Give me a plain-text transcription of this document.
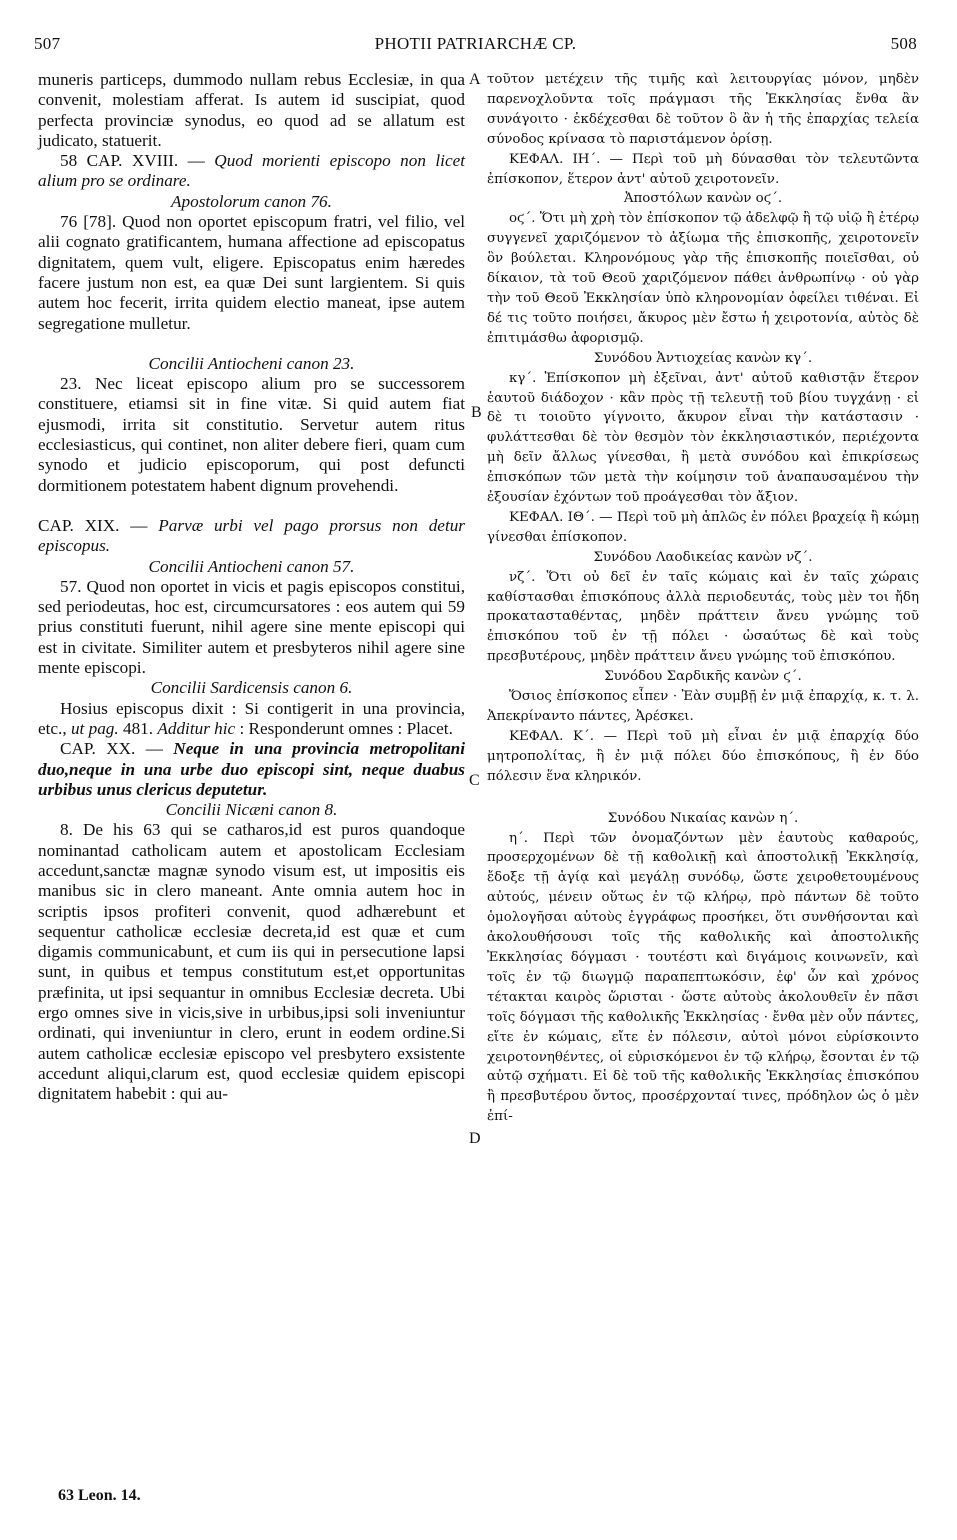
507	PHOTII PATRIARCHÆ CP.	508
A
B
C
D

muneris particeps, dummodo nullam rebus Ecclesiæ, in qua convenit, molestiam afferat. Is autem id suscipiat, quod perfecta provinciæ synodus, eo quod ad se allatum est judicato, statuerit.

58 CAP. XVIII. — Quod morienti episcopo non licet alium pro se ordinare.

Apostolorum canon 76.

76 [78]. Quod non oportet episcopum fratri, vel filio, vel alii cognato gratificantem, humana affectione ad episcopatus dignitatem, quem vult, eligere. Episcopatus enim hæredes facere justum non est, ea quæ Dei sunt largientem. Si quis autem hoc fecerit, irrita quidem electio maneat, ipse autem segregatione mulletur.

Concilii Antiocheni canon 23.

23. Nec liceat episcopo alium pro se successorem constituere, etiamsi sit in fine vitæ. Si quid autem fiat ejusmodi, irrita sit constitutio. Servetur autem ritus ecclesiasticus, qui continet, non aliter debere fieri, quam cum synodo et judicio episcoporum, qui post defuncti dormitionem potestatem habent dignum provehendi.

CAP. XIX. — Parvæ urbi vel pago prorsus non detur episcopus.

Concilii Antiocheni canon 57.

57. Quod non oportet in vicis et pagis episcopos constitui, sed periodeutas, hoc est, circumcursatores : eos autem qui 59 prius constituti fuerunt, nihil agere sine mente episcopi qui est in civitate. Similiter autem et presbyteros nihil agere sine mente episcopi.

Concilii Sardicensis canon 6.

Hosius episcopus dixit : Si contigerit in una provincia, etc., ut pag. 481. Additur hic : Responderunt omnes : Placet.

CAP. XX. — Neque in una provincia metropolitani duo,neque in una urbe duo episcopi sint, neque duabus urbibus unus clericus deputetur.

Concilii Nicæni canon 8.

8. De his 63 qui se catharos,id est puros quandoque nominantad catholicam autem et apostolicam Ecclesiam accedunt,sanctæ magnæ synodo visum est, ut impositis eis manibus sic in clero maneant. Ante omnia autem hoc in scriptis ipsos profiteri convenit, quod adhærebunt et sequentur catholicæ ecclesiæ decreta,id est quæ et cum digamis communicabunt, et cum iis qui in persecutione lapsi sunt, in quibus et tempus constitutum est,et opportunitas præfinita, ut ipsi sequantur in omnibus Ecclesiæ decreta. Ubi ergo omnes sive in vicis,sive in urbibus,ipsi soli inveniuntur ordinati, qui inveniuntur in clero, erunt in eodem ordine.Si autem catholicæ ecclesiæ episcopo vel presbytero exsistente accedunt aliqui,clarum est, quod ecclesiæ quidem episcopi dignitatem habebit : qui au-

τοῦτον μετέχειν τῆς τιμῆς καὶ λειτουργίας μόνον, μηδὲν παρενοχλοῦντα τοῖς πράγμασι τῆς Ἐκκλησίας ἔνθα ἂν συνάγοιτο · ἐκδέχεσθαι δὲ τοῦτον ὃ ἂν ἡ τῆς ἐπαρχίας τελεία σύνοδος κρίνασα τὸ παριστάμενον ὁρίσῃ.

ΚΕΦΑΛ. ΙΗ΄. — Περὶ τοῦ μὴ δύνασθαι τὸν τελευτῶντα ἐπίσκοπον, ἕτερον ἀντ' αὐτοῦ χειροτονεῖν.

Ἀποστόλων κανὼν οϛ΄.

οϛ΄. Ὅτι μὴ χρὴ τὸν ἐπίσκοπον τῷ ἀδελφῷ ἢ τῷ υἱῷ ἢ ἑτέρῳ συγγενεῖ χαριζόμενον τὸ ἀξίωμα τῆς ἐπισκοπῆς, χειροτονεῖν ὃν βούλεται. Κληρονόμους γὰρ τῆς ἐπισκοπῆς ποιεῖσθαι, οὐ δίκαιον, τὰ τοῦ Θεοῦ χαριζόμενον πάθει ἀνθρωπίνῳ · οὐ γὰρ τὴν τοῦ Θεοῦ Ἐκκλησίαν ὑπὸ κληρονομίαν ὀφείλει τιθέναι. Εἰ δέ τις τοῦτο ποιήσει, ἄκυρος μὲν ἔστω ἡ χειροτονία, αὐτὸς δὲ ἐπιτιμάσθω ἀφορισμῷ.

Συνόδου Ἀντιοχείας κανὼν κγ΄.

κγ΄. Ἐπίσκοπον μὴ ἐξεῖναι, ἀντ' αὐτοῦ καθιστᾷν ἕτερον ἑαυτοῦ διάδοχον · κἂν πρὸς τῇ τελευτῇ τοῦ βίου τυγχάνῃ · εἰ δὲ τι τοιοῦτο γίγνοιτο, ἄκυρον εἶναι τὴν κατάστασιν · φυλάττεσθαι δὲ τὸν θεσμὸν τὸν ἐκκλησιαστικόν, περιέχοντα μὴ δεῖν ἄλλως γίνεσθαι, ἢ μετὰ συνόδου καὶ ἐπικρίσεως ἐπισκόπων τῶν μετὰ τὴν κοίμησιν τοῦ ἀναπαυσαμένου τὴν ἐξουσίαν ἐχόντων τοῦ προάγεσθαι τὸν ἄξιον.

ΚΕΦΑΛ. ΙΘ΄. — Περὶ τοῦ μὴ ἁπλῶς ἐν πόλει βραχείᾳ ἢ κώμῃ γίνεσθαι ἐπίσκοπον.

Συνόδου Λαοδικείας κανὼν νζ΄.

νζ΄. Ὅτι οὐ δεῖ ἐν ταῖς κώμαις καὶ ἐν ταῖς χώραις καθίστασθαι ἐπισκόπους ἀλλὰ περιοδευτάς, τοὺς μὲν τοι ἤδη προκατασταθέντας, μηδὲν πράττειν ἄνευ γνώμης τοῦ ἐπισκόπου τοῦ ἐν τῇ πόλει · ὡσαύτως δὲ καὶ τοὺς πρεσβυτέρους, μηδὲν πράττειν ἄνευ γνώμης τοῦ ἐπισκόπου.

Συνόδου Σαρδικῆς κανὼν ϛ΄.

Ὅσιος ἐπίσκοπος εἶπεν · Ἐὰν συμβῇ ἐν μιᾷ ἐπαρχίᾳ, κ. τ. λ. Ἀπεκρίναντο πάντες, Ἀρέσκει.

ΚΕΦΑΛ. Κ΄. — Περὶ τοῦ μὴ εἶναι ἐν μιᾷ ἐπαρχίᾳ δύο μητροπολίτας, ἢ ἐν μιᾷ πόλει δύο ἐπισκόπους, ἢ ἐν δύο πόλεσιν ἕνα κληρικόν.

Συνόδου Νικαίας κανὼν η΄.

η΄. Περὶ τῶν ὀνομαζόντων μὲν ἑαυτοὺς καθαρούς, προσερχομένων δὲ τῇ καθολικῇ καὶ ἀποστολικῇ Ἐκκλησίᾳ, ἔδοξε τῇ ἁγίᾳ καὶ μεγάλῃ συνόδῳ, ὥστε χειροθετουμένους αὐτούς, μένειν οὕτως ἐν τῷ κλήρῳ, πρὸ πάντων δὲ τοῦτο ὁμολογῆσαι αὐτοὺς ἐγγράφως προσήκει, ὅτι συνθήσονται καὶ ἀκολουθήσουσι τοῖς τῆς καθολικῆς καὶ ἀποστολικῆς Ἐκκλησίας δόγμασι · τουτέστι καὶ διγάμοις κοινωνεῖν, καὶ τοῖς ἐν τῷ διωγμῷ παραπεπτωκόσιν, ἐφ' ὧν καὶ χρόνος τέτακται καιρὸς ὥρισται · ὥστε αὐτοὺς ἀκολουθεῖν ἐν πᾶσι τοῖς δόγμασι τῆς καθολικῆς Ἐκκλησίας · ἔνθα μὲν οὖν πάντες, εἴτε ἐν κώμαις, εἴτε ἐν πόλεσιν, αὐτοὶ μόνοι εὑρίσκοιντο χειροτονηθέντες, οἱ εὑρισκόμενοι ἐν τῷ κλήρῳ, ἔσονται ἐν τῷ αὐτῷ σχήματι. Εἰ δὲ τοῦ τῆς καθολικῆς Ἐκκλησίας ἐπισκόπου ἢ πρεσβυτέρου ὄντος, προσέρχονταί τινες, πρόδηλον ὡς ὁ μὲν ἐπί-

63 Leon. 14.
